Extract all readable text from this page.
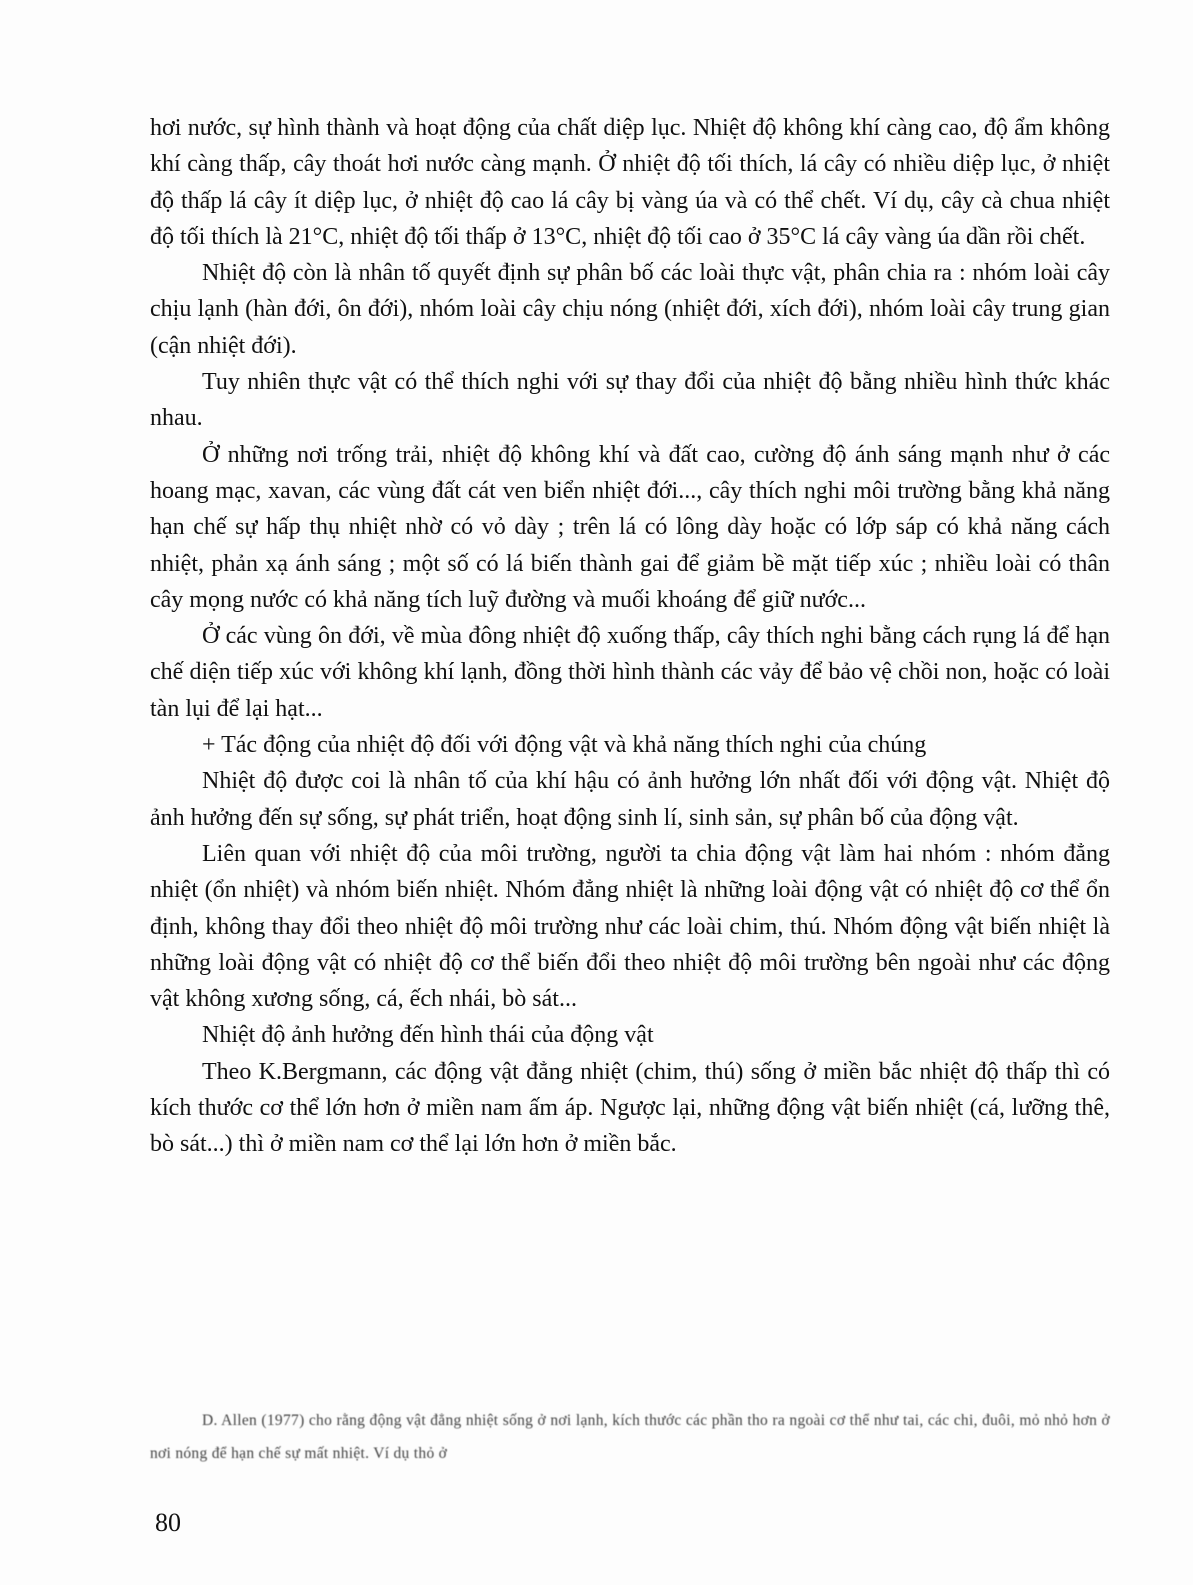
hơi nước, sự hình thành và hoạt động của chất diệp lục. Nhiệt độ không khí càng cao, độ ẩm không khí càng thấp, cây thoát hơi nước càng mạnh. Ở nhiệt độ tối thích, lá cây có nhiều diệp lục, ở nhiệt độ thấp lá cây ít diệp lục, ở nhiệt độ cao lá cây bị vàng úa và có thể chết. Ví dụ, cây cà chua nhiệt độ tối thích là 21°C, nhiệt độ tối thấp ở 13°C, nhiệt độ tối cao ở 35°C lá cây vàng úa dần rồi chết.

Nhiệt độ còn là nhân tố quyết định sự phân bố các loài thực vật, phân chia ra : nhóm loài cây chịu lạnh (hàn đới, ôn đới), nhóm loài cây chịu nóng (nhiệt đới, xích đới), nhóm loài cây trung gian (cận nhiệt đới).

Tuy nhiên thực vật có thể thích nghi với sự thay đổi của nhiệt độ bằng nhiều hình thức khác nhau.

Ở những nơi trống trải, nhiệt độ không khí và đất cao, cường độ ánh sáng mạnh như ở các hoang mạc, xavan, các vùng đất cát ven biển nhiệt đới..., cây thích nghi môi trường bằng khả năng hạn chế sự hấp thụ nhiệt nhờ có vỏ dày ; trên lá có lông dày hoặc có lớp sáp có khả năng cách nhiệt, phản xạ ánh sáng ; một số có lá biến thành gai để giảm bề mặt tiếp xúc ; nhiều loài có thân cây mọng nước có khả năng tích luỹ đường và muối khoáng để giữ nước...

Ở các vùng ôn đới, về mùa đông nhiệt độ xuống thấp, cây thích nghi bằng cách rụng lá để hạn chế diện tiếp xúc với không khí lạnh, đồng thời hình thành các vảy để bảo vệ chồi non, hoặc có loài tàn lụi để lại hạt...

+ Tác động của nhiệt độ đối với động vật và khả năng thích nghi của chúng

Nhiệt độ được coi là nhân tố của khí hậu có ảnh hưởng lớn nhất đối với động vật. Nhiệt độ ảnh hưởng đến sự sống, sự phát triển, hoạt động sinh lí, sinh sản, sự phân bố của động vật.

Liên quan với nhiệt độ của môi trường, người ta chia động vật làm hai nhóm : nhóm đẳng nhiệt (ổn nhiệt) và nhóm biến nhiệt. Nhóm đẳng nhiệt là những loài động vật có nhiệt độ cơ thể ổn định, không thay đổi theo nhiệt độ môi trường như các loài chim, thú. Nhóm động vật biến nhiệt là những loài động vật có nhiệt độ cơ thể biến đổi theo nhiệt độ môi trường bên ngoài như các động vật không xương sống, cá, ếch nhái, bò sát...

Nhiệt độ ảnh hưởng đến hình thái của động vật

Theo K.Bergmann, các động vật đẳng nhiệt (chim, thú) sống ở miền bắc nhiệt độ thấp thì có kích thước cơ thể lớn hơn ở miền nam ấm áp. Ngược lại, những động vật biến nhiệt (cá, lưỡng thê, bò sát...) thì ở miền nam cơ thể lại lớn hơn ở miền bắc.

D. Allen (1977) cho rằng động vật đẳng nhiệt sống ở nơi lạnh, kích thước các phần tho ra ngoài cơ thể như tai, các chi, đuôi, mỏ nhỏ hơn ở nơi nóng để hạn chế sự mất nhiệt. Ví dụ thỏ ở

80
